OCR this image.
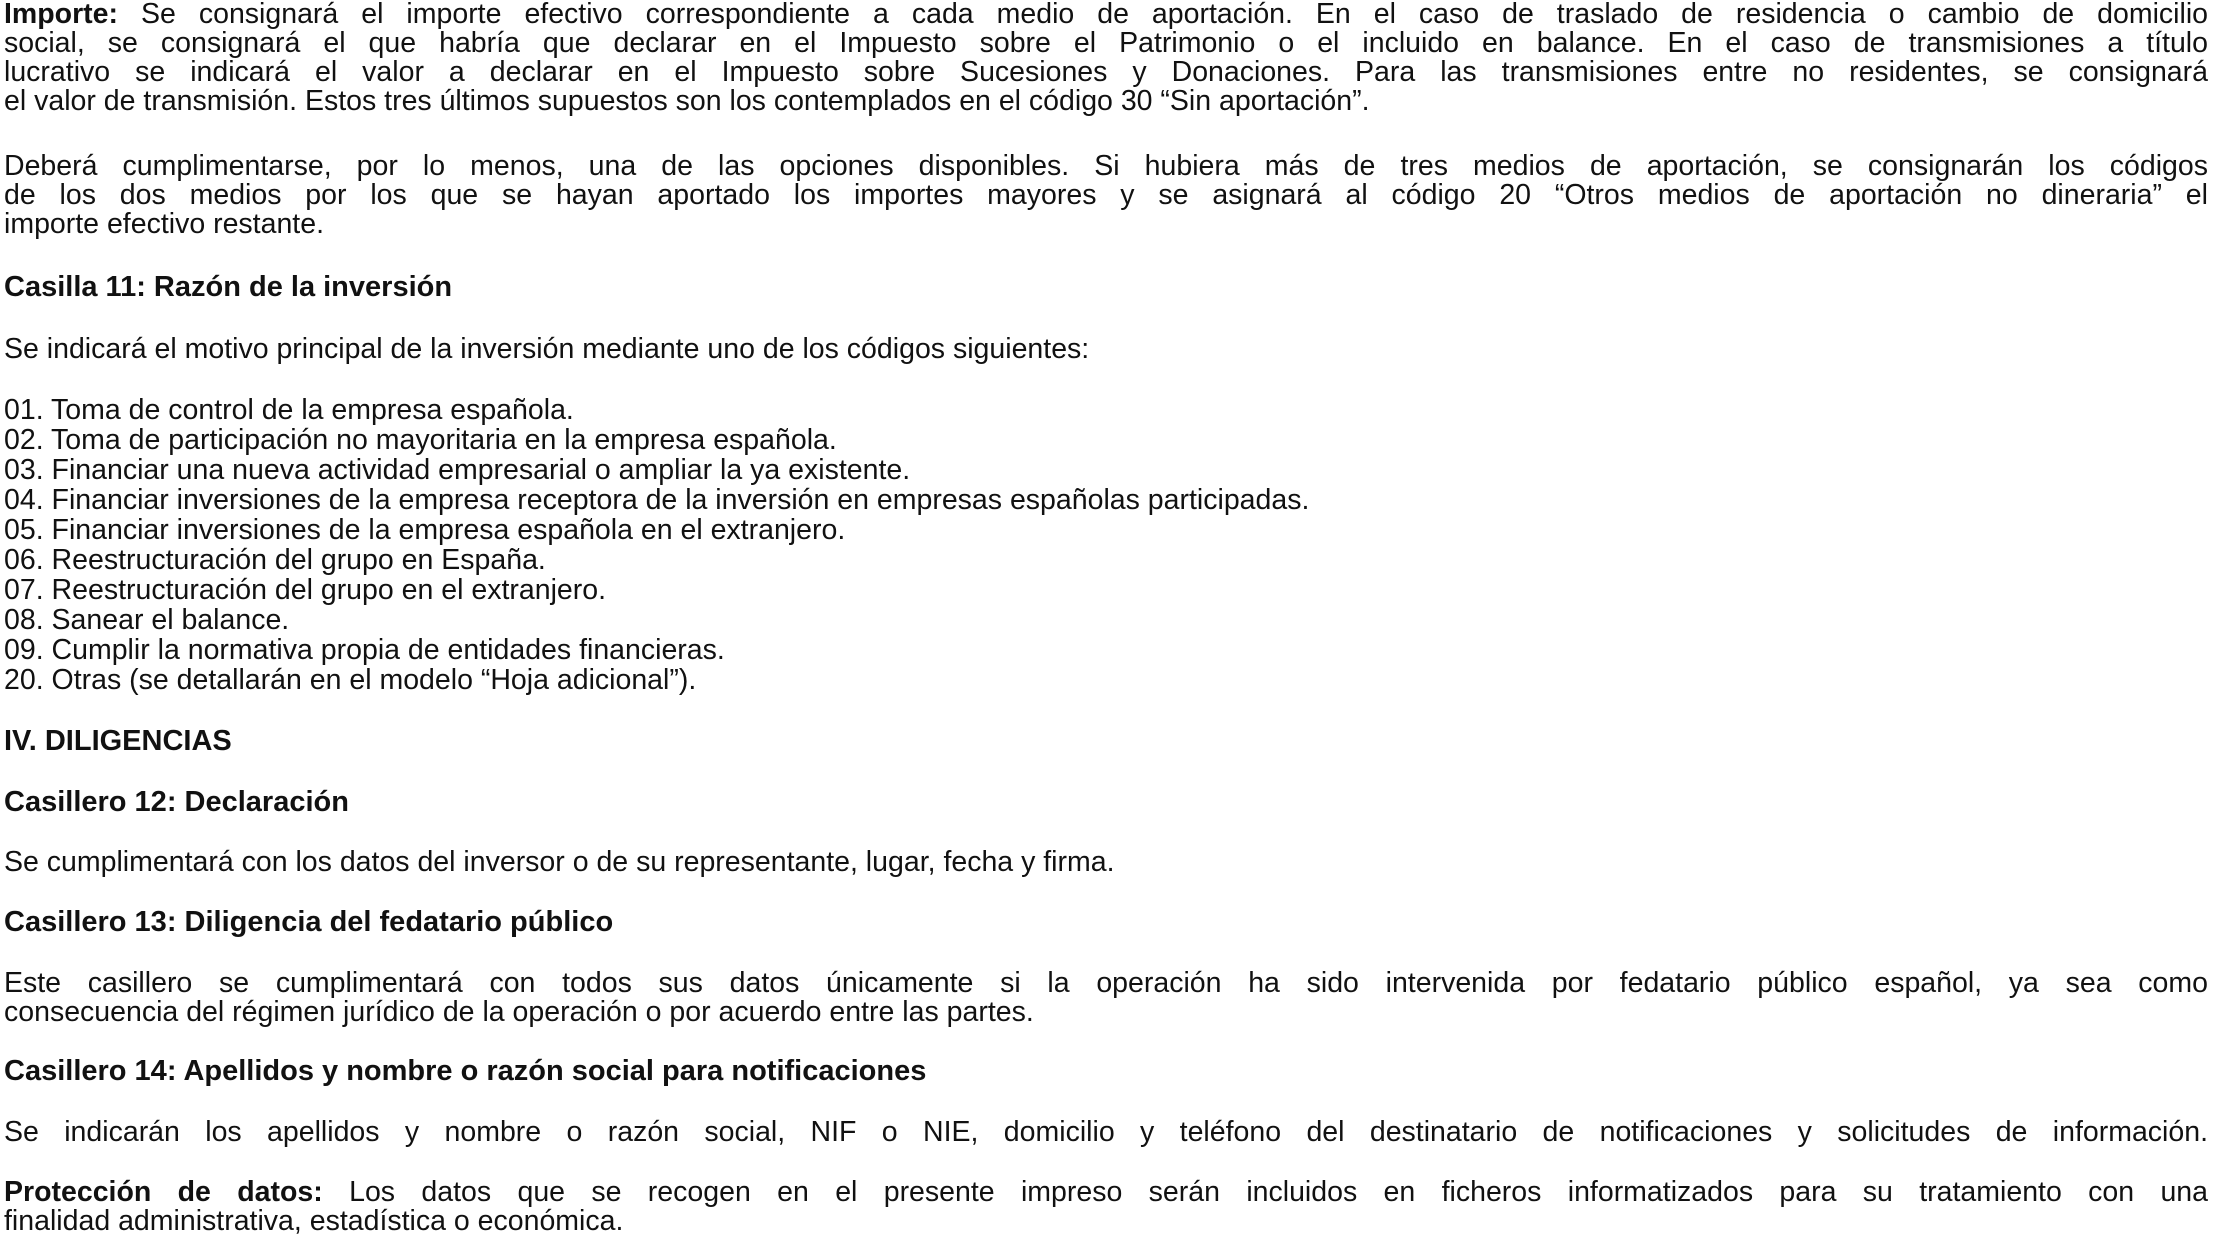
Importe: Se consignará el importe efectivo correspondiente a cada medio de aportación. En el caso de traslado de residencia o cambio de domicilio

social, se consignará el que habría que declarar en el Impuesto sobre el Patrimonio o el incluido en balance. En el caso de transmisiones a título

lucrativo se indicará el valor a declarar en el Impuesto sobre Sucesiones y Donaciones. Para las transmisiones entre no residentes, se consignará

el valor de transmisión. Estos tres últimos supuestos son los contemplados en el código 30 “Sin aportación”.

Deberá cumplimentarse, por lo menos, una de las opciones disponibles. Si hubiera más de tres medios de aportación, se consignarán los códigos

de los dos medios por los que se hayan aportado los importes mayores y se asignará al código 20 “Otros medios de aportación no dineraria” el

importe efectivo restante.

Casilla 11: Razón de la inversión

Se indicará el motivo principal de la inversión mediante uno de los códigos siguientes:

01. Toma de control de la empresa española.
02. Toma de participación no mayoritaria en la empresa española.
03. Financiar una nueva actividad empresarial o ampliar la ya existente.
04. Financiar inversiones de la empresa receptora de la inversión en empresas españolas participadas.
05. Financiar inversiones de la empresa española en el extranjero.
06. Reestructuración del grupo en España.
07. Reestructuración del grupo en el extranjero.
08. Sanear el balance.
09. Cumplir la normativa propia de entidades financieras.
20. Otras (se detallarán en el modelo “Hoja adicional”).
IV. DILIGENCIAS
Casillero 12: Declaración

Se cumplimentará con los datos del inversor o de su representante, lugar, fecha y firma.

Casillero 13: Diligencia del fedatario público

Este casillero se cumplimentará con todos sus datos únicamente si la operación ha sido intervenida por fedatario público español, ya sea como

consecuencia del régimen jurídico de la operación o por acuerdo entre las partes.

Casillero 14: Apellidos y nombre o razón social para notificaciones

Se indicarán los apellidos y nombre o razón social, NIF o NIE, domicilio y teléfono del destinatario de notificaciones y solicitudes de información.

Protección de datos: Los datos que se recogen en el presente impreso serán incluidos en ficheros informatizados para su tratamiento con una

finalidad administrativa, estadística o económica.
